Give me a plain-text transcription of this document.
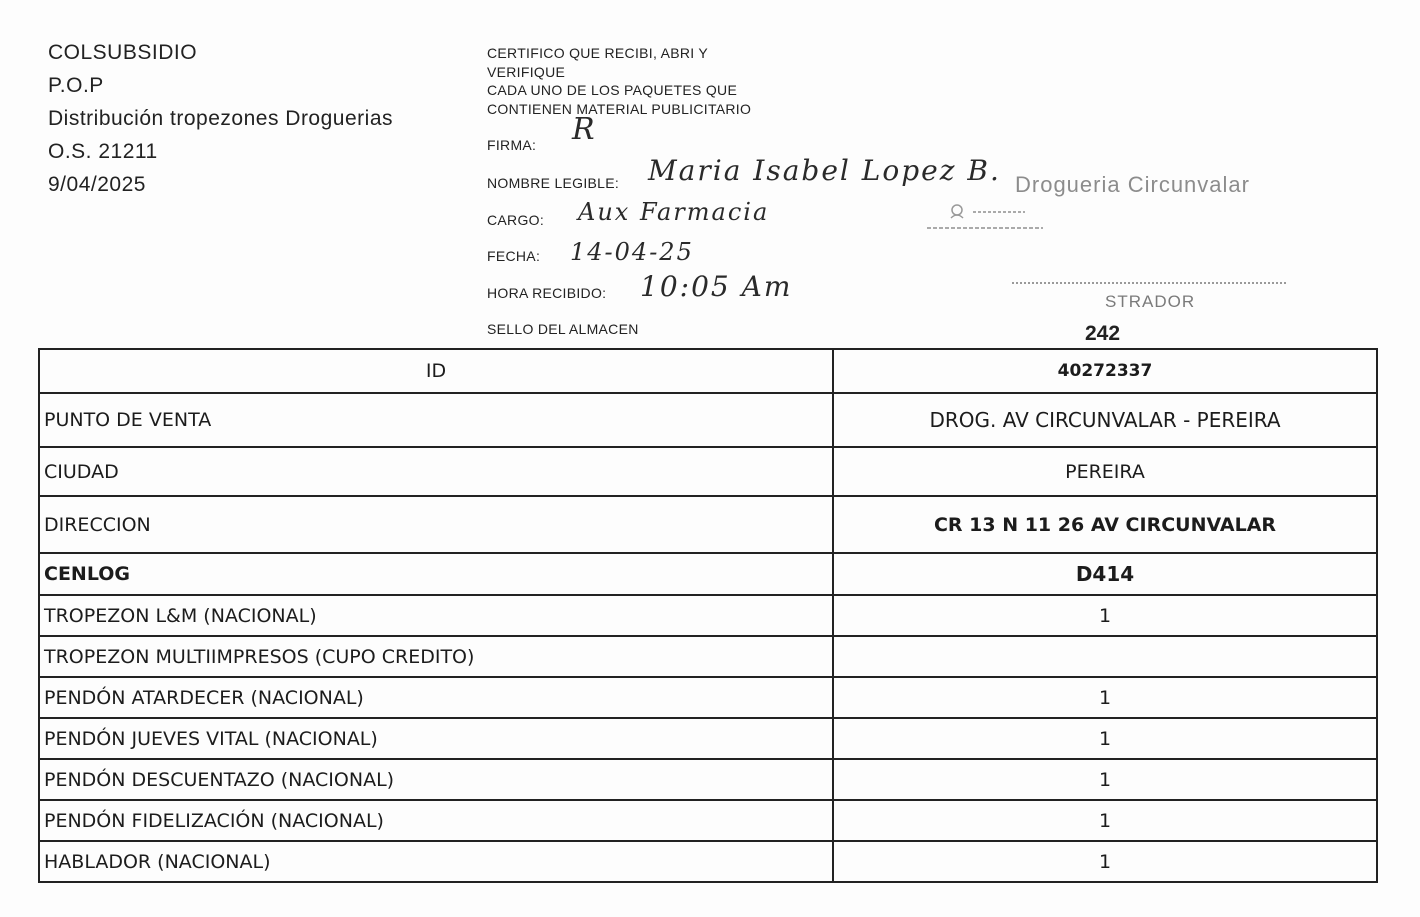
COLSUBSIDIO
P.O.P
Distribución tropezones Droguerias
O.S. 21211
9/04/2025
CERTIFICO QUE RECIBI, ABRI Y
VERIFIQUE
CADA UNO DE LOS PAQUETES QUE
CONTIENEN MATERIAL PUBLICITARIO
FIRMA:
NOMBRE LEGIBLE:
CARGO:
FECHA:
HORA RECIBIDO:
SELLO DEL ALMACEN
R
Maria Isabel Lopez B.
Aux Farmacia
14-04-25
10:05 Am
Drogueria Circunvalar
STRADOR
242
ID	40272337
PUNTO DE VENTA	DROG. AV CIRCUNVALAR - PEREIRA
CIUDAD	PEREIRA
DIRECCION	CR 13 N 11 26 AV CIRCUNVALAR
CENLOG	D414
TROPEZON L&M (NACIONAL)	1
TROPEZON MULTIIMPRESOS (CUPO CREDITO)	
PENDÓN ATARDECER (NACIONAL)	1
PENDÓN JUEVES VITAL (NACIONAL)	1
PENDÓN DESCUENTAZO (NACIONAL)	1
PENDÓN FIDELIZACIÓN (NACIONAL)	1
HABLADOR (NACIONAL)	1
